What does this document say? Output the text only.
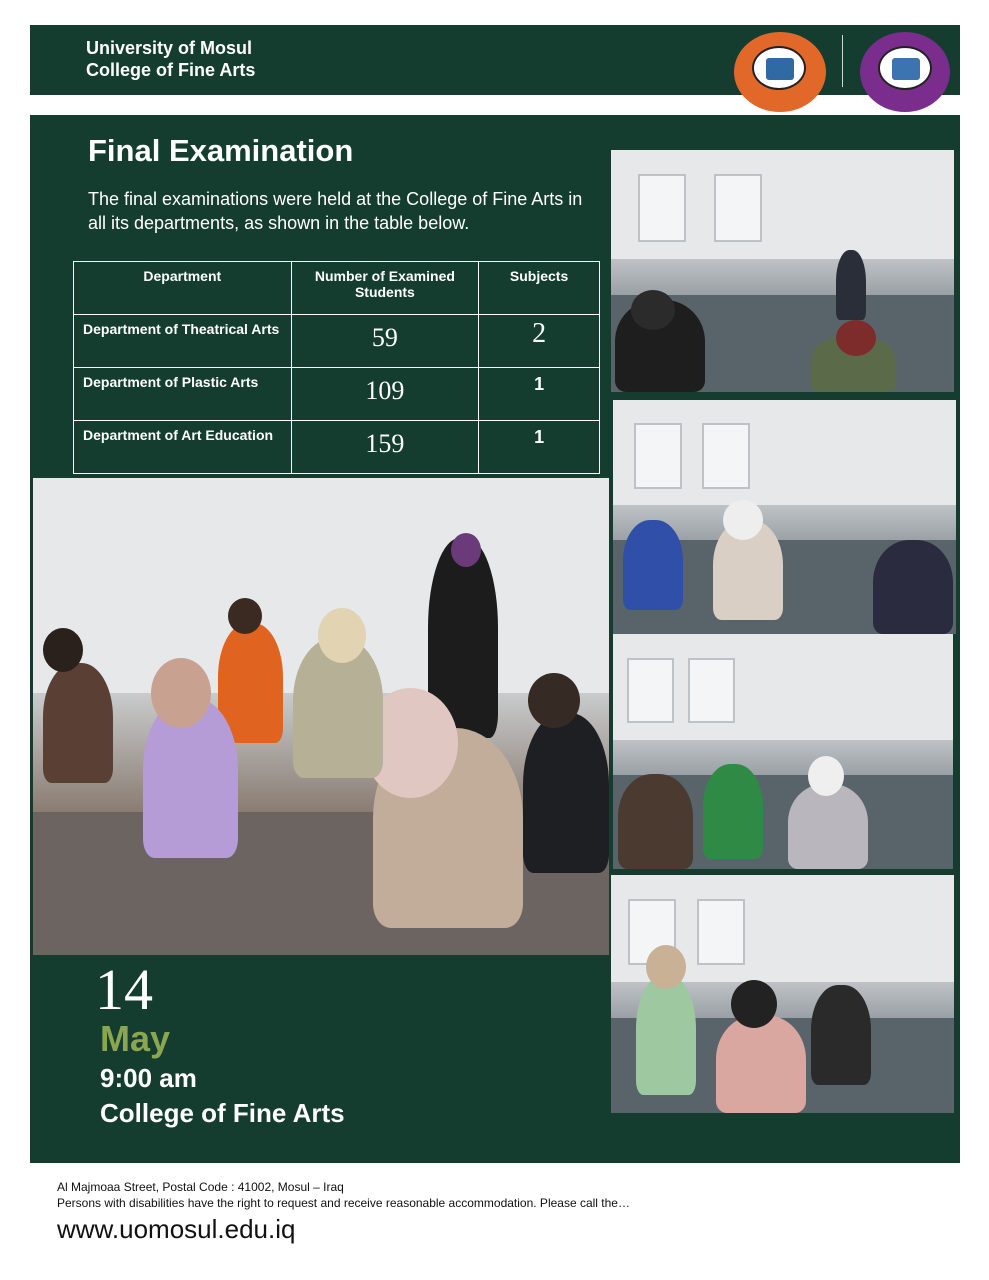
University of Mosul
College of Fine Arts
Final Examination
The final examinations were held at the College of Fine Arts in all its departments, as shown in the table below.
Department	Number of Examined Students	Subjects
Department of Theatrical Arts	59	2
Department of Plastic Arts	109	1
Department of Art Education	159	1
14
May
9:00 am
College of Fine Arts
Al Majmoaa Street, Postal Code : 41002, Mosul – Iraq
Persons with disabilities have the right to request and receive reasonable accommodation. Please call the…
www.uomosul.edu.iq
